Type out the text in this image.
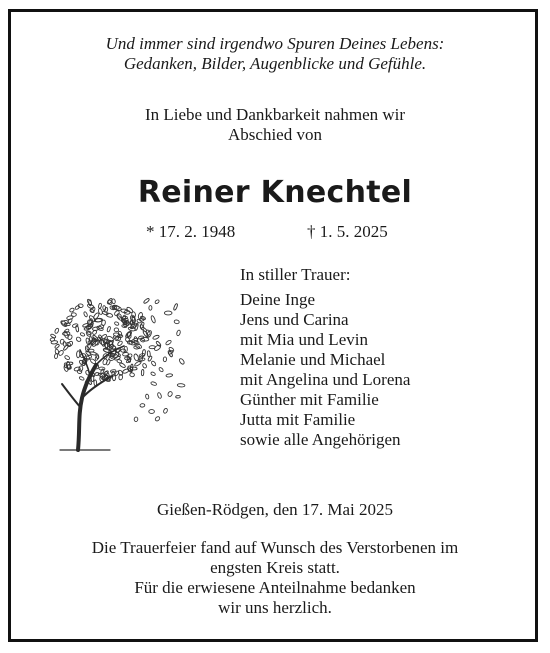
Und immer sind irgendwo Spuren Deines Lebens:
Gedanken, Bilder, Augenblicke und Gefühle.
In Liebe und Dankbarkeit nahmen wir
Abschied von
Reiner Knechtel
* 17. 2. 1948	† 1. 5. 2025
In stiller Trauer:
Deine Inge
Jens und Carina
mit Mia und Levin
Melanie und Michael
mit Angelina und Lorena
Günther mit Familie
Jutta mit Familie
sowie alle Angehörigen
Gießen-Rödgen, den 17. Mai 2025
Die Trauerfeier fand auf Wunsch des Verstorbenen im
engsten Kreis statt.
Für die erwiesene Anteilnahme bedanken
wir uns herzlich.
